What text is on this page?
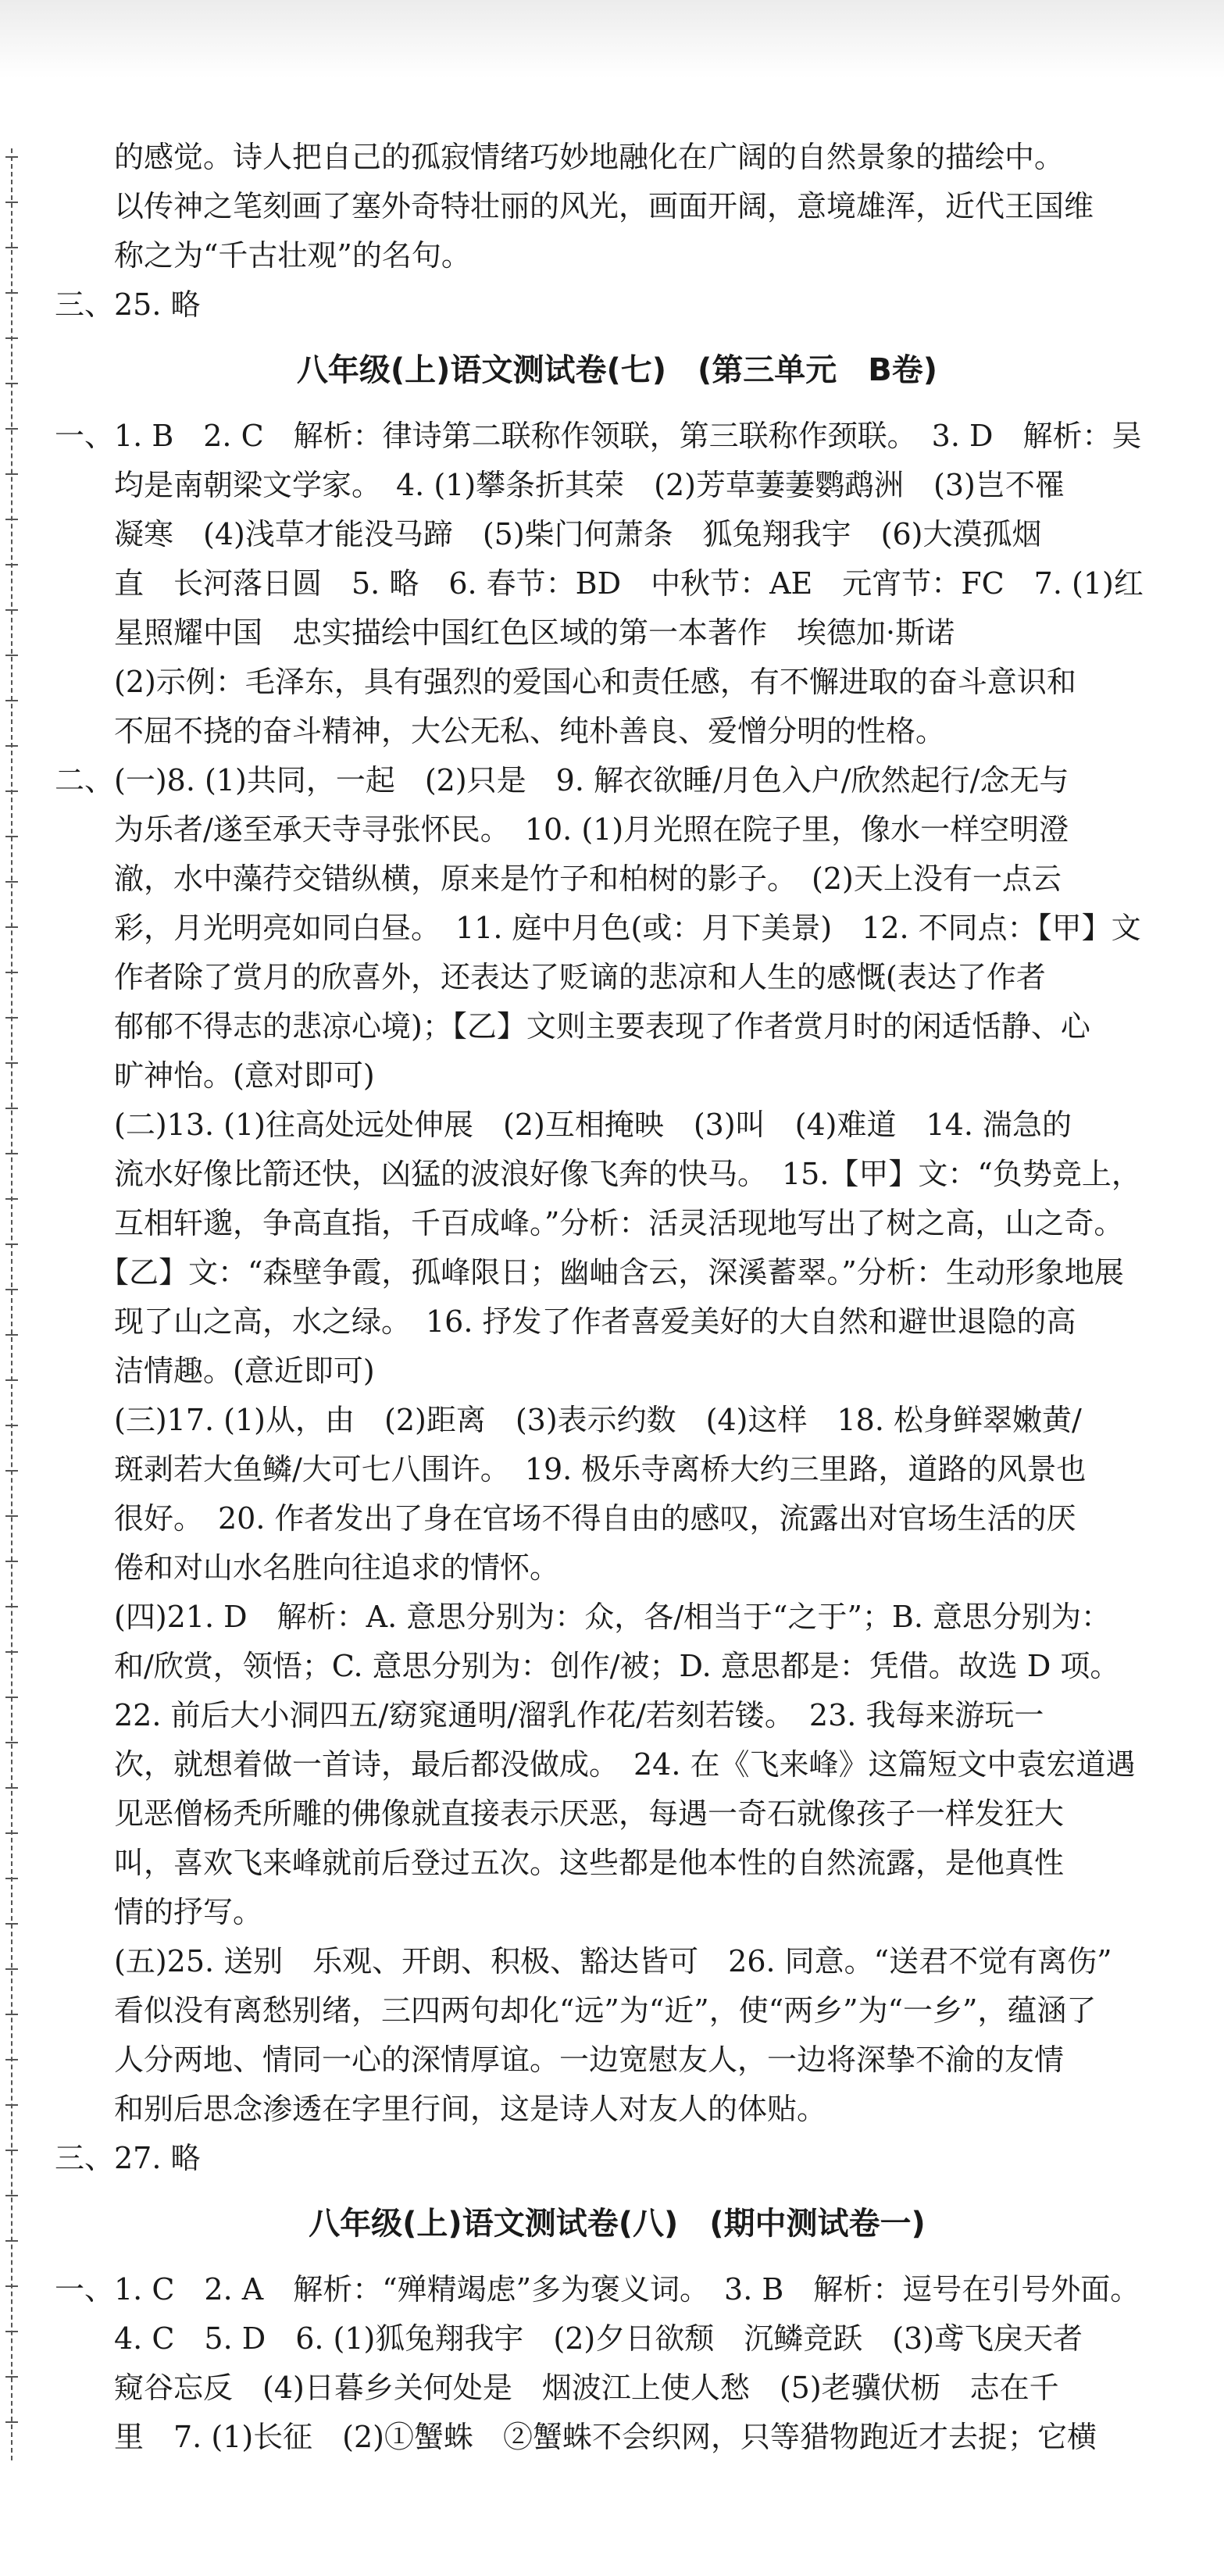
　　的感觉。诗人把自己的孤寂情绪巧妙地融化在广阔的自然景象的描绘中。
　　以传神之笔刻画了塞外奇特壮丽的风光，画面开阔，意境雄浑，近代王国维
　　称之为“千古壮观”的名句。
三、25. 略
八年级(上)语文测试卷(七) (第三单元　B卷)
一、1. B　2. C　解析：律诗第二联称作领联，第三联称作颈联。　3. D　解析：吴
　　均是南朝梁文学家。　4. (1)攀条折其荣　(2)芳草萋萋鹦鹉洲　(3)岂不罹
　　凝寒　(4)浅草才能没马蹄　(5)柴门何萧条　狐兔翔我宇　(6)大漠孤烟
　　直　长河落日圆　5. 略　6. 春节：BD　中秋节：AE　元宵节：FC　7. (1)红
　　星照耀中国　忠实描绘中国红色区域的第一本著作　埃德加·斯诺
　　(2)示例：毛泽东，具有强烈的爱国心和责任感，有不懈进取的奋斗意识和
　　不屈不挠的奋斗精神，大公无私、纯朴善良、爱憎分明的性格。
二、(一)8. (1)共同，一起　(2)只是　9. 解衣欲睡/月色入户/欣然起行/念无与
　　为乐者/遂至承天寺寻张怀民。　10. (1)月光照在院子里，像水一样空明澄
　　澈，水中藻荇交错纵横，原来是竹子和柏树的影子。　(2)天上没有一点云
　　彩，月光明亮如同白昼。　11. 庭中月色(或：月下美景)　12. 不同点：【甲】文
　　作者除了赏月的欣喜外，还表达了贬谪的悲凉和人生的感慨(表达了作者
　　郁郁不得志的悲凉心境)；【乙】文则主要表现了作者赏月时的闲适恬静、心
　　旷神怡。(意对即可)
　　(二)13. (1)往高处远处伸展　(2)互相掩映　(3)叫　(4)难道　14. 湍急的
　　流水好像比箭还快，凶猛的波浪好像飞奔的快马。　15.【甲】文：“负势竞上，
　　互相轩邈，争高直指，千百成峰。”分析：活灵活现地写出了树之高，山之奇。
　　【乙】文：“森壁争霞，孤峰限日；幽岫含云，深溪蓄翠。”分析：生动形象地展
　　现了山之高，水之绿。　16. 抒发了作者喜爱美好的大自然和避世退隐的高
　　洁情趣。(意近即可)
　　(三)17. (1)从，由　(2)距离　(3)表示约数　(4)这样　18. 松身鲜翠嫩黄/
　　斑剥若大鱼鳞/大可七八围许。　19. 极乐寺离桥大约三里路，道路的风景也
　　很好。　20. 作者发出了身在官场不得自由的感叹，流露出对官场生活的厌
　　倦和对山水名胜向往追求的情怀。
　　(四)21. D　解析：A. 意思分别为：众，各/相当于“之于”；B. 意思分别为：
　　和/欣赏，领悟；C. 意思分别为：创作/被；D. 意思都是：凭借。故选 D 项。
　　22. 前后大小洞四五/窈窕通明/溜乳作花/若刻若镂。　23. 我每来游玩一
　　次，就想着做一首诗，最后都没做成。　24. 在《飞来峰》这篇短文中袁宏道遇
　　见恶僧杨秃所雕的佛像就直接表示厌恶，每遇一奇石就像孩子一样发狂大
　　叫，喜欢飞来峰就前后登过五次。这些都是他本性的自然流露，是他真性
　　情的抒写。
　　(五)25. 送别　乐观、开朗、积极、豁达皆可　26. 同意。“送君不觉有离伤”
　　看似没有离愁别绪，三四两句却化“远”为“近”，使“两乡”为“一乡”，蕴涵了
　　人分两地、情同一心的深情厚谊。一边宽慰友人，一边将深挚不渝的友情
　　和别后思念渗透在字里行间，这是诗人对友人的体贴。
三、27. 略
八年级(上)语文测试卷(八) (期中测试卷一)
一、1. C　2. A　解析：“殚精竭虑”多为褒义词。　3. B　解析：逗号在引号外面。
　　4. C　5. D　6. (1)狐兔翔我宇　(2)夕日欲颓　沉鳞竞跃　(3)鸢飞戾天者
　　窥谷忘反　(4)日暮乡关何处是　烟波江上使人愁　(5)老骥伏枥　志在千
　　里　7. (1)长征　(2)①蟹蛛　②蟹蛛不会织网，只等猎物跑近才去捉；它横
